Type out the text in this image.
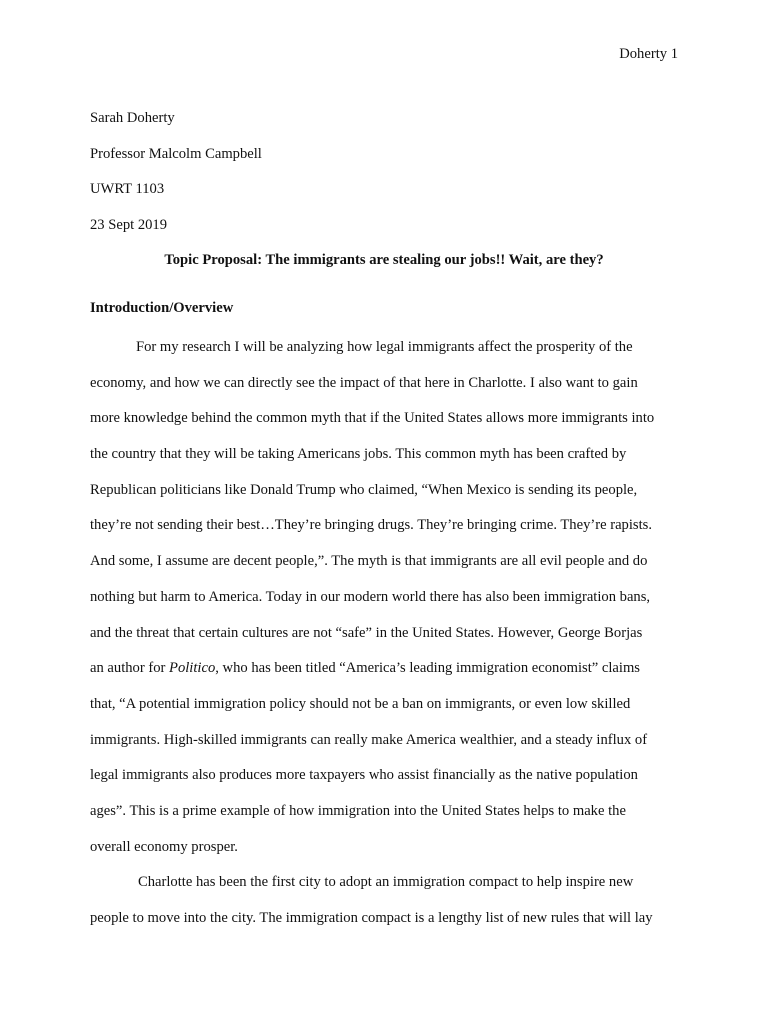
Doherty 1
Sarah Doherty
Professor Malcolm Campbell
UWRT 1103
23 Sept 2019
Topic Proposal: The immigrants are stealing our jobs!! Wait, are they?
Introduction/Overview
For my research I will be analyzing how legal immigrants affect the prosperity of the
economy, and how we can directly see the impact of that here in Charlotte. I also want to gain
more knowledge behind the common myth that if the United States allows more immigrants into
the country that they will be taking Americans jobs. This common myth has been crafted by
Republican politicians like Donald Trump who claimed, “When Mexico is sending its people,
they’re not sending their best…They’re bringing drugs. They’re bringing crime. They’re rapists.
And some, I assume are decent people,”. The myth is that immigrants are all evil people and do
nothing but harm to America. Today in our modern world there has also been immigration bans,
and the threat that certain cultures are not “safe” in the United States. However, George Borjas
an author for Politico, who has been titled “America’s leading immigration economist” claims
that, “A potential immigration policy should not be a ban on immigrants, or even low skilled
immigrants. High-skilled immigrants can really make America wealthier, and a steady influx of
legal immigrants also produces more taxpayers who assist financially as the native population
ages”. This is a prime example of how immigration into the United States helps to make the
overall economy prosper.
Charlotte has been the first city to adopt an immigration compact to help inspire new
people to move into the city. The immigration compact is a lengthy list of new rules that will lay
